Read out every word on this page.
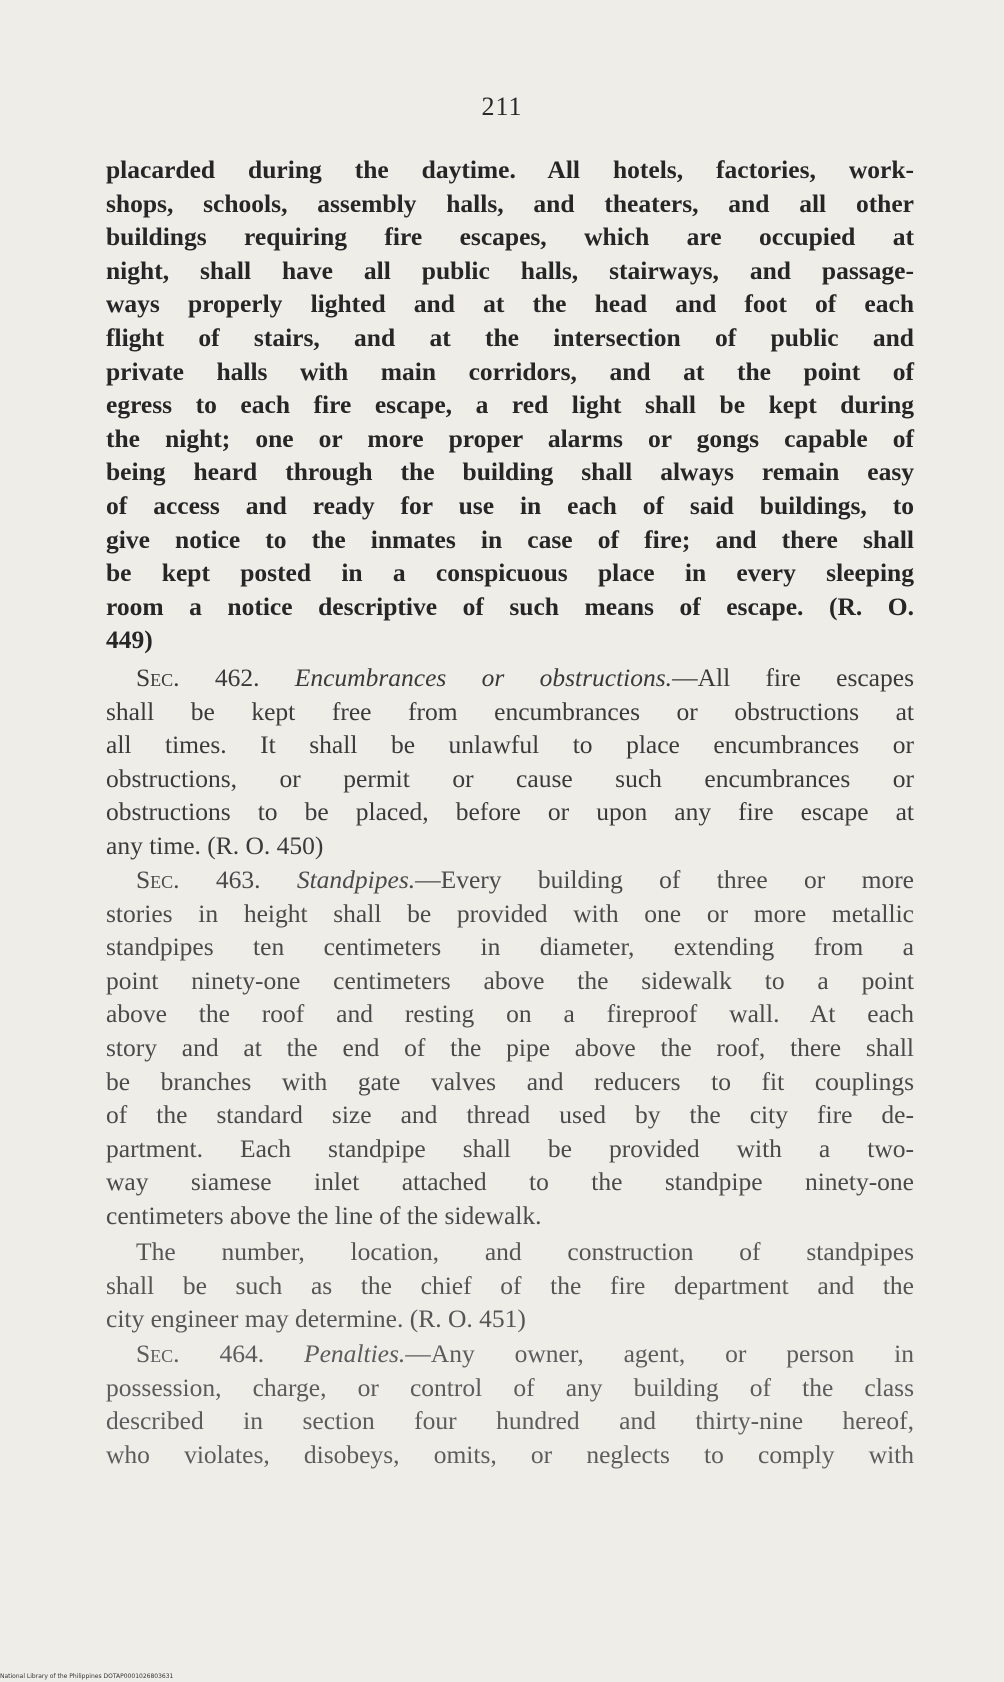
211
placarded during the daytime. All hotels, factories, work-
shops, schools, assembly halls, and theaters, and all other
buildings requiring fire escapes, which are occupied at
night, shall have all public halls, stairways, and passage-
ways properly lighted and at the head and foot of each
flight of stairs, and at the intersection of public and
private halls with main corridors, and at the point of
egress to each fire escape, a red light shall be kept during
the night; one or more proper alarms or gongs capable of
being heard through the building shall always remain easy
of access and ready for use in each of said buildings, to
give notice to the inmates in case of fire; and there shall
be kept posted in a conspicuous place in every sleeping
room a notice descriptive of such means of escape. (R. O.
449)
Sec. 462. Encumbrances or obstructions.—All fire escapes
shall be kept free from encumbrances or obstructions at
all times. It shall be unlawful to place encumbrances or
obstructions, or permit or cause such encumbrances or
obstructions to be placed, before or upon any fire escape at
any time. (R. O. 450)
Sec. 463. Standpipes.—Every building of three or more
stories in height shall be provided with one or more metallic
standpipes ten centimeters in diameter, extending from a
point ninety-one centimeters above the sidewalk to a point
above the roof and resting on a fireproof wall. At each
story and at the end of the pipe above the roof, there shall
be branches with gate valves and reducers to fit couplings
of the standard size and thread used by the city fire de-
partment. Each standpipe shall be provided with a two-
way siamese inlet attached to the standpipe ninety-one
centimeters above the line of the sidewalk.
The number, location, and construction of standpipes
shall be such as the chief of the fire department and the
city engineer may determine. (R. O. 451)
Sec. 464. Penalties.—Any owner, agent, or person in
possession, charge, or control of any building of the class
described in section four hundred and thirty-nine hereof,
who violates, disobeys, omits, or neglects to comply with
National Library of the Philippines DOTAP0001026803631
